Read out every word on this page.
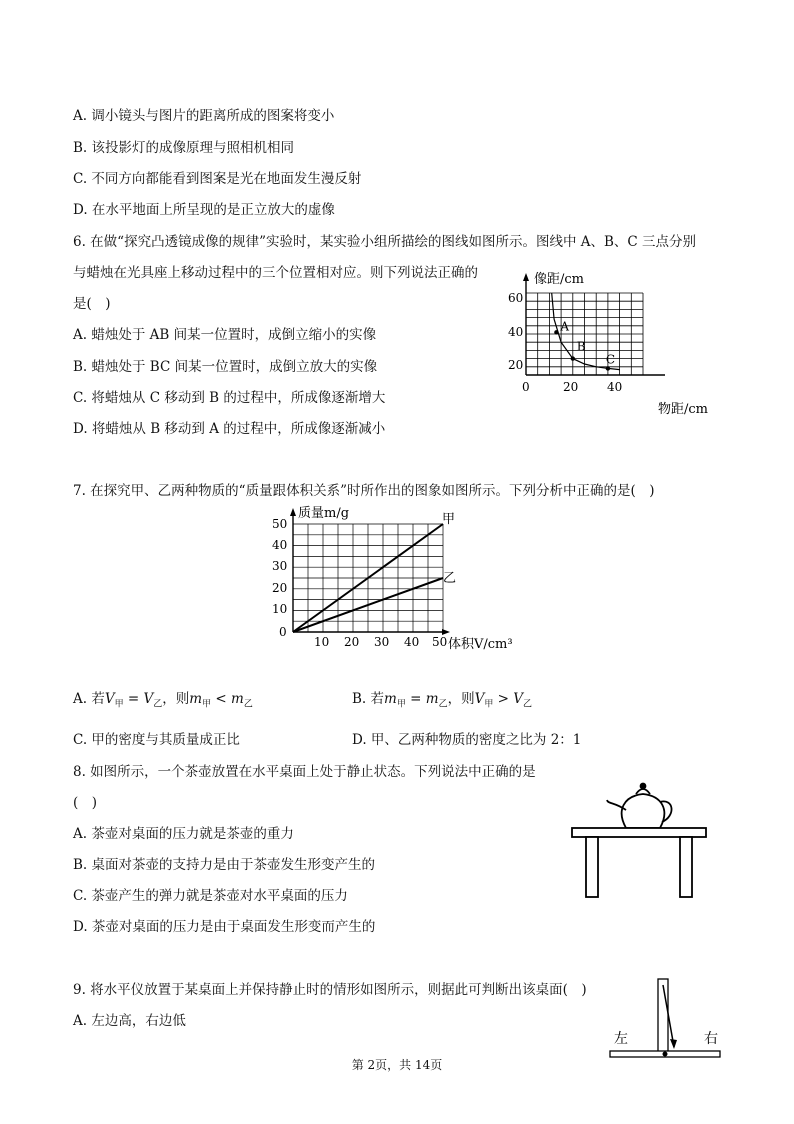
A. 调小镜头与图片的距离所成的图案将变小
B. 该投影灯的成像原理与照相机相同
C. 不同方向都能看到图案是光在地面发生漫反射
D. 在水平地面上所呈现的是正立放大的虚像
6. 在做“探究凸透镜成像的规律”实验时，某实验小组所描绘的图线如图所示。图线中 A、B、C 三点分别
与蜡烛在光具座上移动过程中的三个位置相对应。则下列说法正确的
是(　)
A. 蜡烛处于 AB 间某一位置时，成倒立缩小的实像
B. 蜡烛处于 BC 间某一位置时，成倒立放大的实像
C. 将蜡烛从 C 移动到 B 的过程中，所成像逐渐增大
D. 将蜡烛从 B 移动到 A 的过程中，所成像逐渐减小
像距/cm
物距/cm
60
40
20
0	20 40
A
B
C
7. 在探究甲、乙两种物质的“质量跟体积关系”时所作出的图象如图所示。下列分析中正确的是(　)
质量m/g
体积V/cm³
50
40
30
20
10
0
10 20 30 40 50
甲
乙
A. 若$V_甲 = V_乙$，则$m_甲 < m_乙$	B. 若$m_甲 = m_乙$，则$V_甲 > V_乙$
C. 甲的密度与其质量成正比	D. 甲、乙两种物质的密度之比为 2：1
8. 如图所示，一个茶壶放置在水平桌面上处于静止状态。下列说法中正确的是
(　)
A. 茶壶对桌面的压力就是茶壶的重力
B. 桌面对茶壶的支持力是由于茶壶发生形变产生的
C. 茶壶产生的弹力就是茶壶对水平桌面的压力
D. 茶壶对桌面的压力是由于桌面发生形变而产生的
9. 将水平仪放置于某桌面上并保持静止时的情形如图所示，则据此可判断出该桌面(　)
A. 左边高，右边低
左	右
第 2页，共 14页
